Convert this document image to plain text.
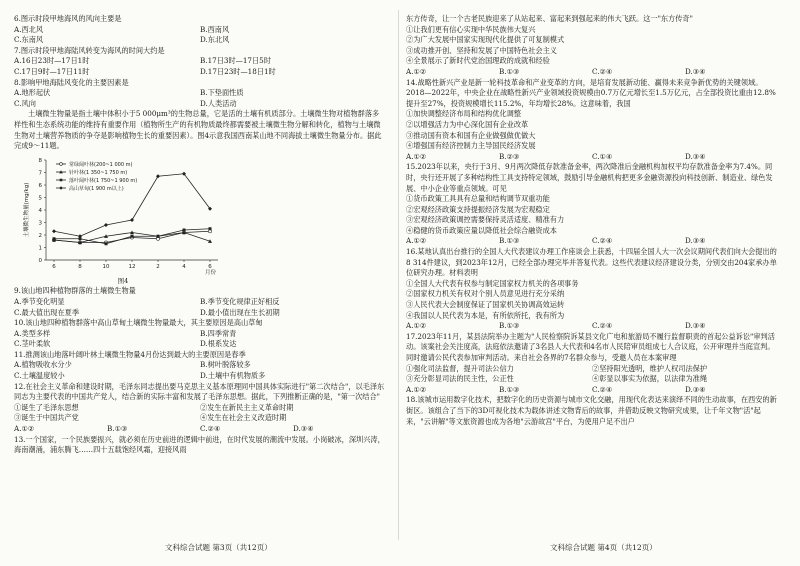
6.图示时段甲地海风的风向主要是

A.西北风	B.西南风
C.东南风	D.东北风

7.图示时段甲地海陆风转变为海风的时间大约是

A.16日23时—17日1时	B.17日3时—17日5时
C.17日9时—17日11时	D.17日23时—18日1时

8.影响甲地海陆风变化的主要因素是

A.地形起伏	B.下垫面性质
C.风向	D.人类活动

土壤微生物量是指土壤中体积小于5 000μm³的生物总量，它是活的土壤有机质部分。土壤微生物对植物群落多样性和生态系统功能的维持有重要作用（植物所生产的有机物质最终都需要被土壤微生物分解和转化，植物与土壤微生物对土壤营养物质的争夺是影响植物生长的重要因素）。图4示意我国西南某山地不同海拔土壤微生物量分布。据此完成9～11题。

0
1
2
3
4
5
6
7
8
6	8	10	12	2	4	6
月份
土壤微生物量(mg/kg)
常绿阔叶林(200~1 000 m)
针叶林(1 350~1 750 m)
落叶阔叶林(1 750~1 900 m)
高山草甸(1 900 m以上)
图4

9.该山地四种植物群落的土壤微生物量

A.季节变化明显	B.季节变化规律正好相反
C.最大值出现在夏季	D.最小值出现在生长初期

10.该山地四种植物群落中高山草甸土壤微生物量最大，其主要原因是高山草甸

A.类型多样	B.四季常青
C.茎叶柔软	D.根系发达

11.推测该山地落叶阔叶林土壤微生物量4月份达到最大的主要原因是春季

A.植物吸收水分少	B.树叶脱落较多
C.土壤温度较小	D.土壤中有机物质多

12.在社会主义革命和建设时期，毛泽东同志提出要马克思主义基本原理同中国具体实际进行"第二次结合"，以毛泽东同志为主要代表的中国共产党人，结合新的实际丰富和发展了毛泽东思想。据此，下列推断正确的是，"第一次结合"

①诞生了毛泽东思想	②发生在新民主主义革命时期
③诞生于中国共产党	④发生在社会主义改造时期
A.①②	B.①③	C.②④	D.③④

13.一个国家，一个民族要振兴，就必须在历史前进的逻辑中前进，在时代发展的潮流中发展。小岗破冰，深圳兴涛，海南潮涌，浦东腾飞……四十五载饱经风霜，迎接风雨

东方传奇，让一个古老民族迎来了从站起来、富起来到强起来的伟大飞跃。这一"东方传奇"

①让我们更有信心实现中华民族伟大复兴

②为广大发展中国家实现现代化提供了可复制模式

③成功推开创、坚持和发展了中国特色社会主义

④全景展示了新时代党治国理政的成就和经验

A.①②	B.①③	C.②④	D.③④

14.战略性新兴产业是新一轮科技革命和产业变革的方向，是培育发展新动能、赢得未来竞争新优势的关键领域。2018—2022年，中央企业在战略性新兴产业领域投资规模由0.7万亿元增长至1.5万亿元，占全部投资比重由12.8%提升至27%，投资规模增长115.2%，年均增长28%。这意味着，我国

①加快调整经济布局和结构优化调整

②以增强活力为中心深化国有企业改革

③推动国有资本和国有企业做强做优做大

④增强国有经济控制力主导国民经济发展

A.①②	B.②③	C.①④	D.③④

15.2023年以来，央行于3月、9月两次降低存款准备金率，两次降准后金融机构加权平均存款准备金率为7.4%。同时，央行还开展了多种结构性工具支持特定领域，鼓励引导金融机构把更多金融资源投向科技创新、制造业、绿色发展、中小企业等重点领域。可见

①货币政策工具具有总量和结构调节双重功能

②宏观经济政策支持提振经济发展为宏观稳定

③宏观经济政策调控需要保持灵活适度、精准有力

④稳健的货币政策应量以降低社会综合融资成本

A.①②	B.①③	C.②④	D.③④

16.某地认真出台推行的全国人大代表建议办理工作座谈会上获悉，十四届全国人大一次会议期间代表们向大会提出的8 314件建议，到2023年12月，已经全部办理完毕并答复代表。这些代表建议经济建设分类，分别交由204家承办单位研究办理。材料表明

①全国人大代表有权参与制定国家权力机关的各项事务

②国家权力机关有权对个别人员意见进行充分采纳

③人民代表大会制度保证了国家机关协调高效运转

④我国以人民代表为本是，有所依所托，我有所为

A.①②	B.①③	C.②④	D.③④

17.2023年11月，某县法院举办主题为"人民检察院诉某县文化广电和旅游局不履行监督职责的首起公益诉讼"审判活动。该案社会关注度高，法庭依法邀请了3名县人大代表和4名市人民陪审员组成七人合议庭，公开审理并当庭宣判。同时邀请公民代表参加审判活动。来自社会各界的7名群众参与，受邀人员在本案审理

①强化司法监督，提升司法公信力	②坚持阳光透明，维护人权司法保护
③充分彰显司法的民主性，公正性	④彰显以事实为依据，以法律为准绳
A.①②	B.①③	C.②④	D.③④

18.该城市运用数字化技术，把数字化的历史资源与城市文化交融，用现代化表达来演绎不同的生动故事，在西安的新街区。该组合了当下的3D可视化技术为载体讲述文物背后的故事，并借助反映文物研究成果，让千年文物"活"起来，"云讲解"等文旅资源也成为各地"云游故宫"平台，为使用户足不出户

文科综合试题 第3页（共12页）	文科综合试题 第4页（共12页）
